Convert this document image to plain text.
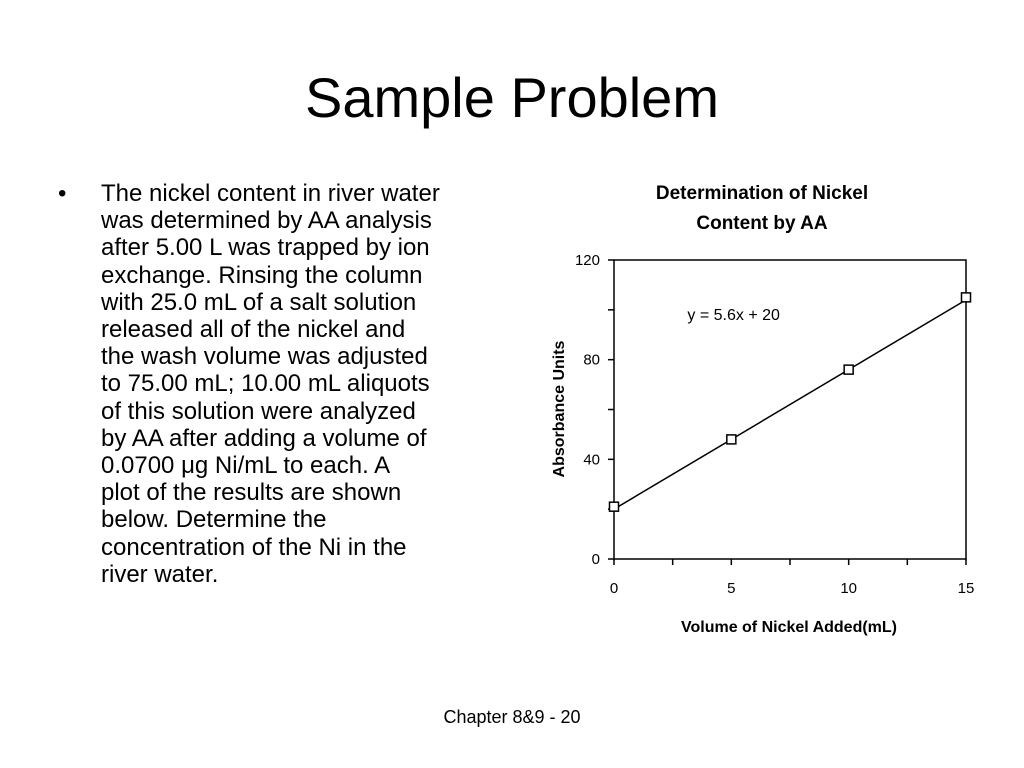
Sample Problem
• The nickel content in river water
was determined by AA analysis
after 5.00 L was trapped by ion
exchange. Rinsing the column
with 25.0 mL of a salt solution
released all of the nickel and
the wash volume was adjusted
to 75.00 mL; 10.00 mL aliquots
of this solution were analyzed
by AA after adding a volume of
0.0700 μg Ni/mL to each. A
plot of the results are shown
below. Determine the
concentration of the Ni in the
river water.
Determination of Nickel
Content by AA
0
40
80
120
0	5	10	15
y = 5.6x + 20
Volume of Nickel Added(mL)
Absorbance Units
Chapter 8&9 - 20
